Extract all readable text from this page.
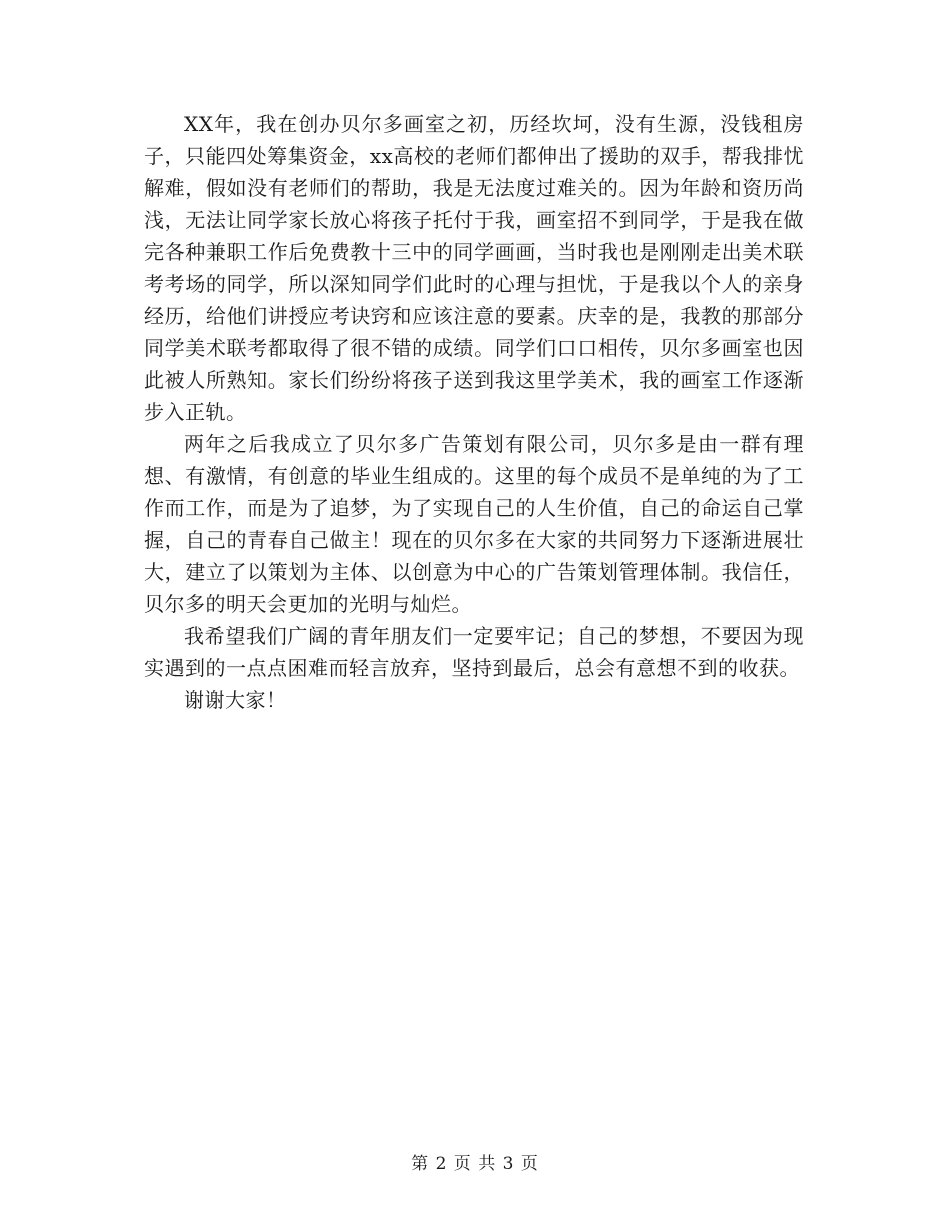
XX年，我在创办贝尔多画室之初，历经坎坷，没有生源，没钱租房子，只能四处筹集资金，xx高校的老师们都伸出了援助的双手，帮我排忧解难，假如没有老师们的帮助，我是无法度过难关的。因为年龄和资历尚浅，无法让同学家长放心将孩子托付于我，画室招不到同学，于是我在做完各种兼职工作后免费教十三中的同学画画，当时我也是刚刚走出美术联考考场的同学，所以深知同学们此时的心理与担忧，于是我以个人的亲身经历，给他们讲授应考诀窍和应该注意的要素。庆幸的是，我教的那部分同学美术联考都取得了很不错的成绩。同学们口口相传，贝尔多画室也因此被人所熟知。家长们纷纷将孩子送到我这里学美术，我的画室工作逐渐步入正轨。

两年之后我成立了贝尔多广告策划有限公司，贝尔多是由一群有理想、有激情，有创意的毕业生组成的。这里的每个成员不是单纯的为了工作而工作，而是为了追梦，为了实现自己的人生价值，自己的命运自己掌握，自己的青春自己做主！现在的贝尔多在大家的共同努力下逐渐进展壮大，建立了以策划为主体、以创意为中心的广告策划管理体制。我信任，贝尔多的明天会更加的光明与灿烂。

我希望我们广阔的青年朋友们一定要牢记；自己的梦想，不要因为现实遇到的一点点困难而轻言放弃，坚持到最后，总会有意想不到的收获。

谢谢大家！

第 2 页 共 3 页
